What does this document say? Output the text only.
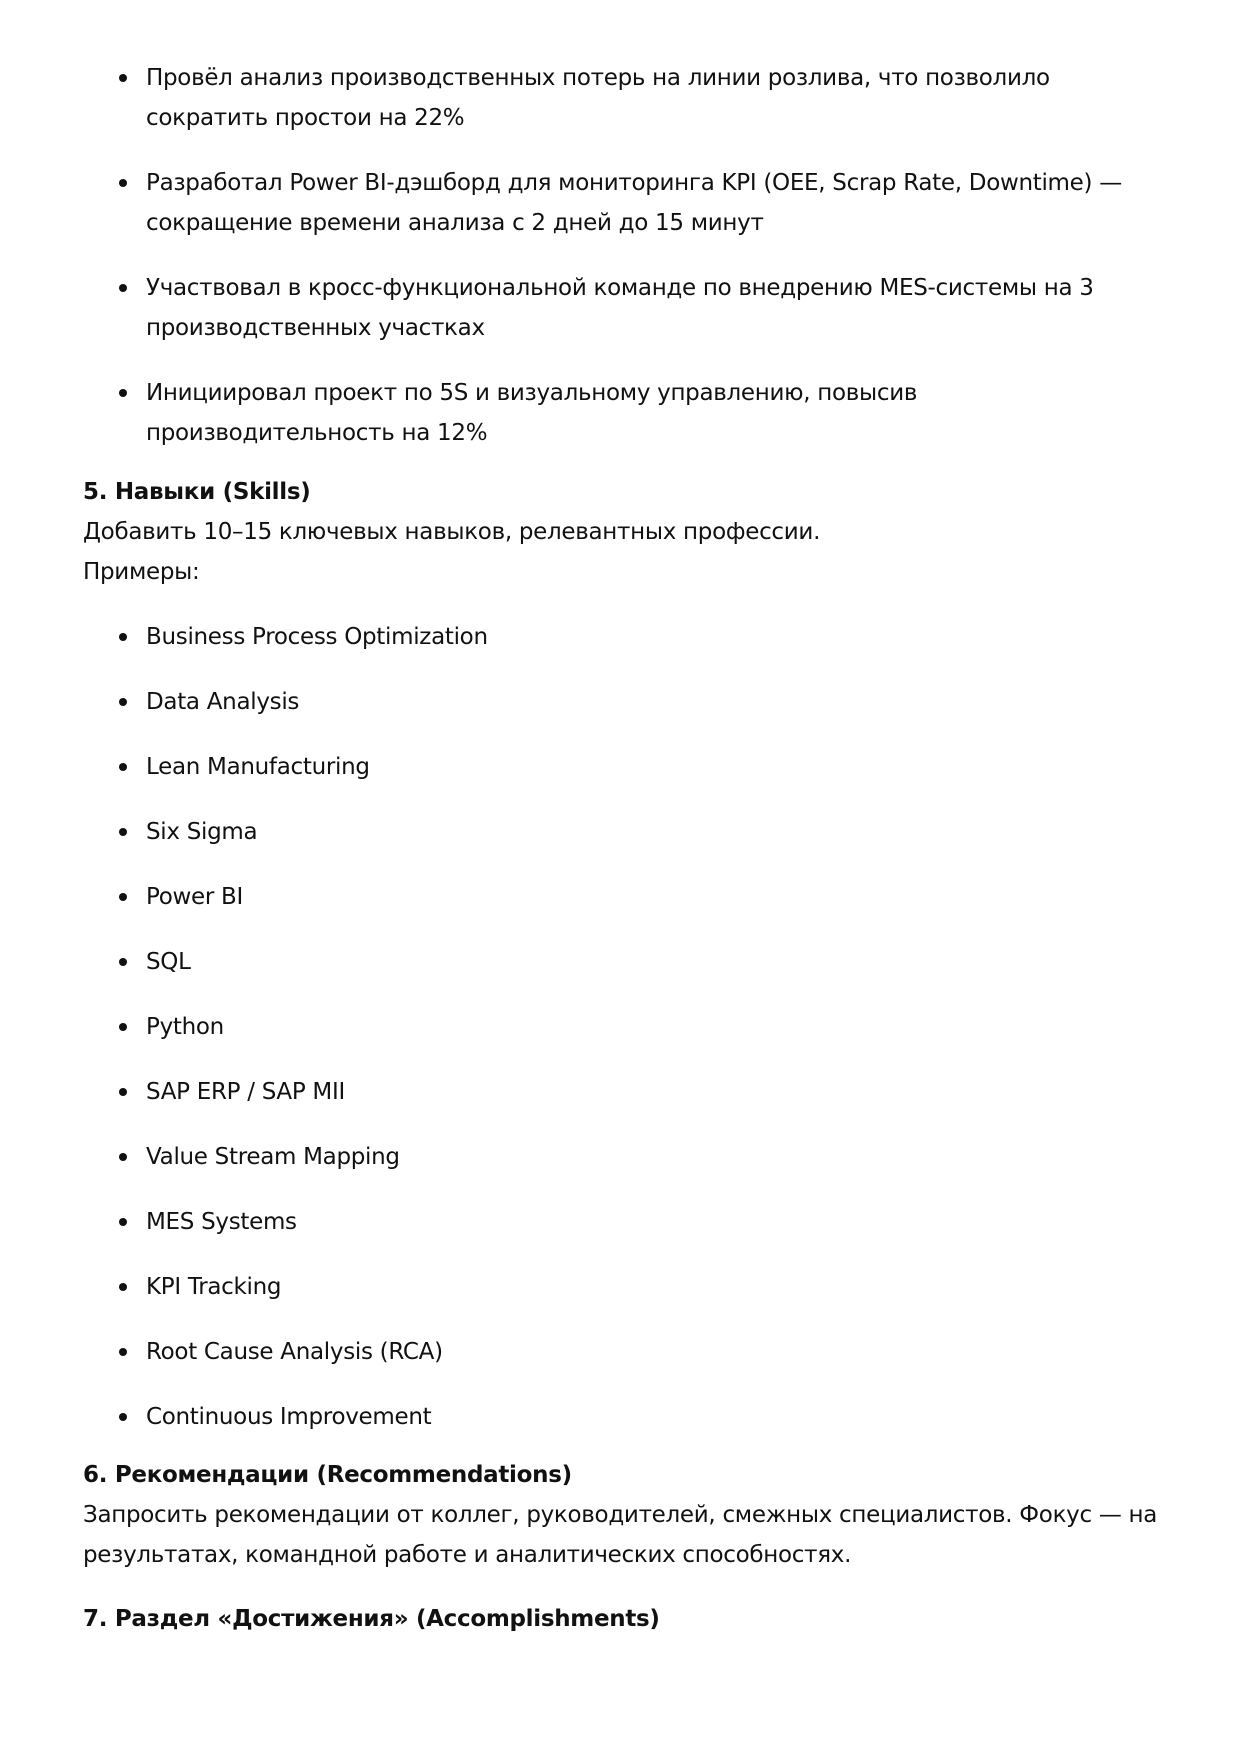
Провёл анализ производственных потерь на линии розлива, что позволило сократить простои на 22%
Разработал Power BI-дэшборд для мониторинга KPI (OEE, Scrap Rate, Downtime) — сокращение времени анализа с 2 дней до 15 минут
Участвовал в кросс-функциональной команде по внедрению MES-системы на 3 производственных участках
Инициировал проект по 5S и визуальному управлению, повысив производительность на 12%
5. Навыки (Skills)

Добавить 10–15 ключевых навыков, релевантных профессии.

Примеры:

Business Process Optimization
Data Analysis
Lean Manufacturing
Six Sigma
Power BI
SQL
Python
SAP ERP / SAP MII
Value Stream Mapping
MES Systems
KPI Tracking
Root Cause Analysis (RCA)
Continuous Improvement
6. Рекомендации (Recommendations)

Запросить рекомендации от коллег, руководителей, смежных специалистов. Фокус — на результатах, командной работе и аналитических способностях.

7. Раздел «Достижения» (Accomplishments)
